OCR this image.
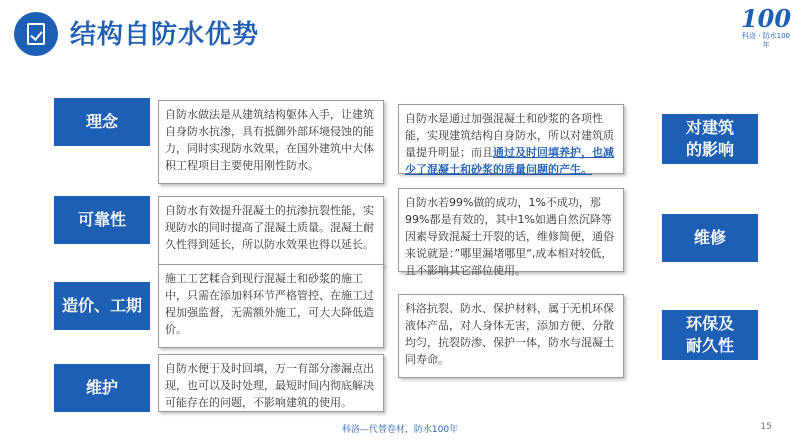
结构自防水优势
100
科洛 · 防水100年
理念	自防水做法是从建筑结构躯体入手，让建筑自身防水抗渗，具有抵御外部环境侵蚀的能力，同时实现防水效果，在国外建筑中大体积工程项目主要使用刚性防水。
可靠性	自防水有效提升混凝土的抗渗抗裂性能，实现防水的同时提高了混凝土质量。混凝土耐久性得到延长，所以防水效果也得以延长。
造价、工期
施工工艺糅合到现行混凝土和砂浆的施工中，只需在添加料环节严格管控、在施工过程加强监督，无需额外施工，可大大降低造价。
维护
自防水便于及时回填，万一有部分渗漏点出现，也可以及时处理，最短时间内彻底解决可能存在的问题，不影响建筑的使用。
自防水是通过加强混凝土和砂浆的各项性能，实现建筑结构自身防水，所以对建筑质量提升明显；而且通过及时回填养护，也减少了混凝土和砂浆的质量问题的产生。
对建筑
的影响
自防水若99%做的成功，1%不成功，那99%都是有效的，其中1%如遇自然沉降等因素导致混凝土开裂的话，维修简便，通俗来说就是：”哪里漏堵哪里“,成本相对较低，且不影响其它部位使用。
维修
科洛抗裂、防水、保护材料，属于无机环保液体产品，对人身体无害，添加方便、分散均匀，抗裂防渗、保护一体，防水与混凝土同寿命。
环保及
耐久性
科洛—代替卷材，防水100年	15
